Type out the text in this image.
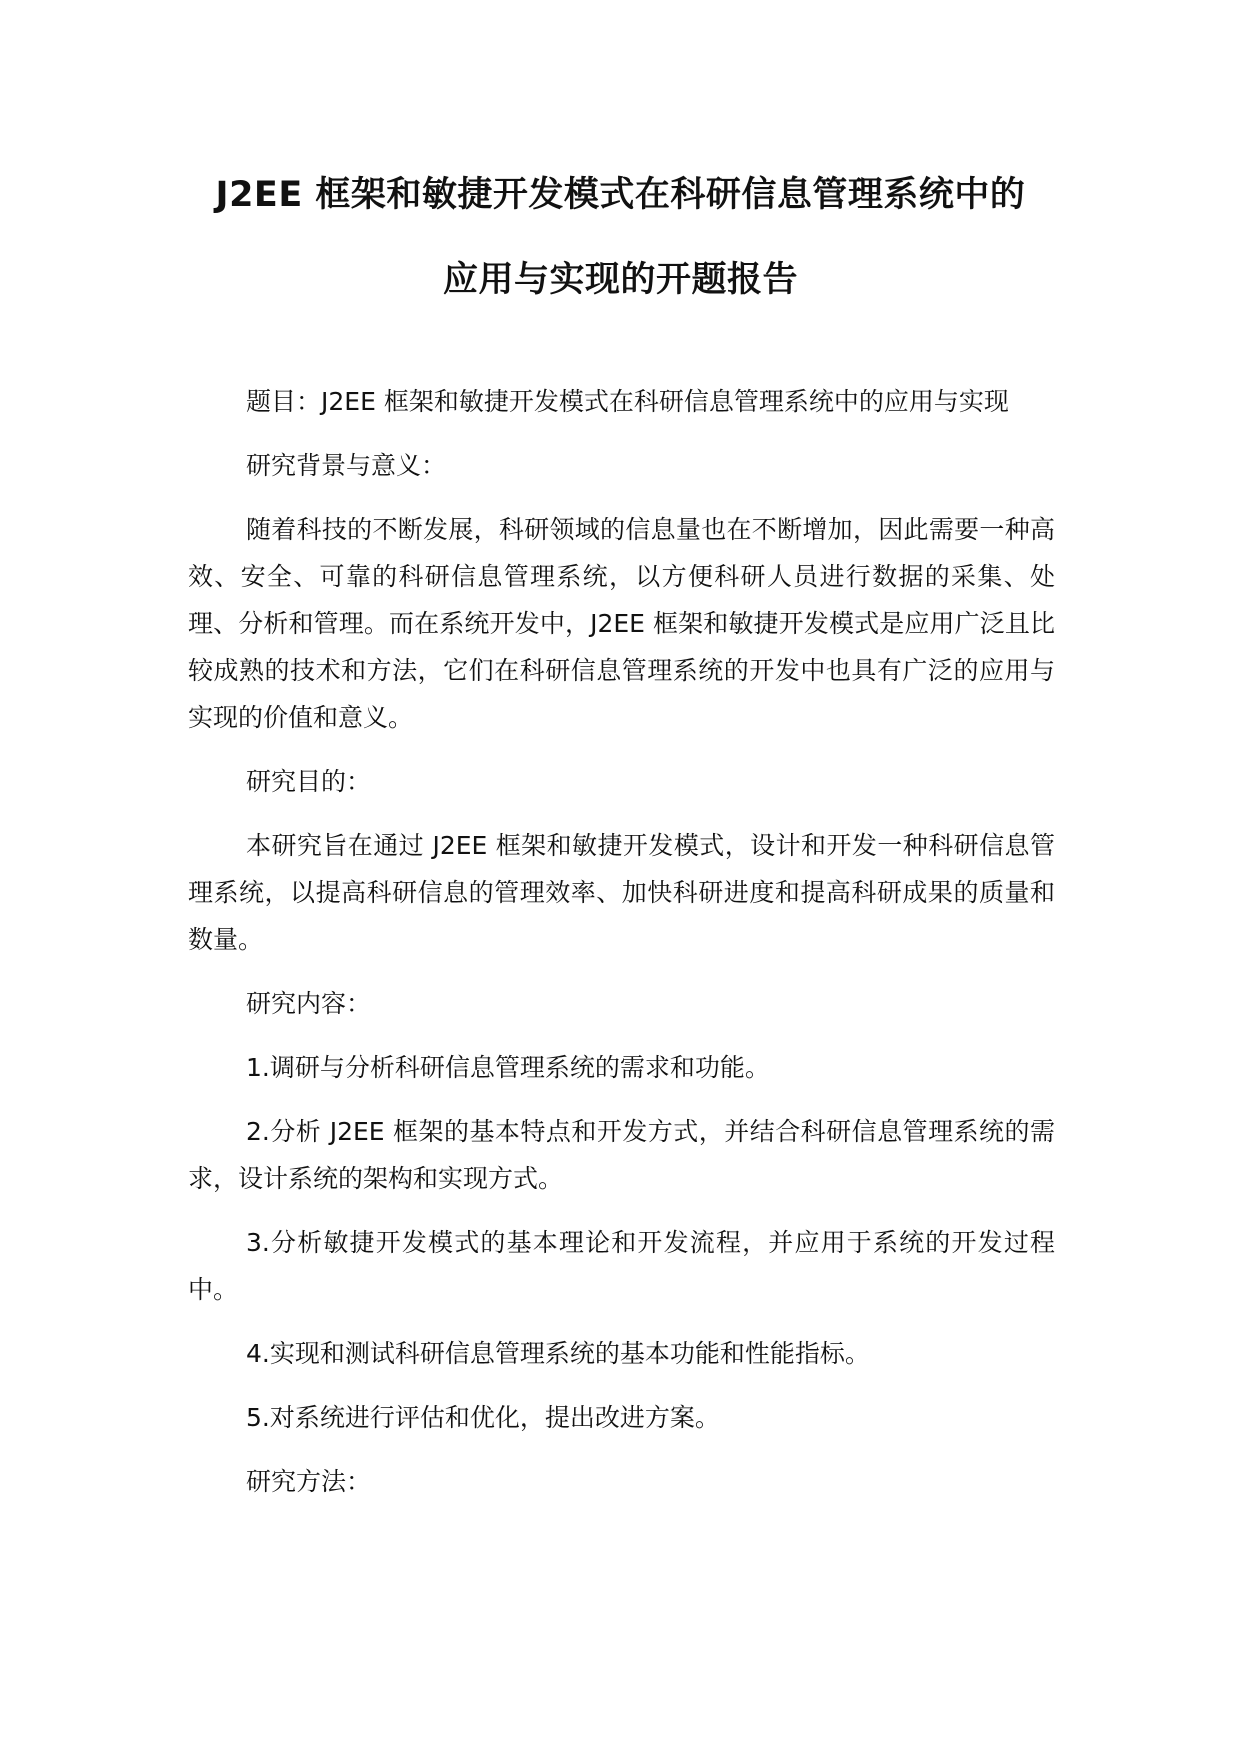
J2EE 框架和敏捷开发模式在科研信息管理系统中的

应用与实现的开题报告

题目：J2EE 框架和敏捷开发模式在科研信息管理系统中的应用与实现

研究背景与意义：

随着科技的不断发展，科研领域的信息量也在不断增加，因此需要一种高效、安全、可靠的科研信息管理系统，以方便科研人员进行数据的采集、处理、分析和管理。而在系统开发中，J2EE 框架和敏捷开发模式是应用广泛且比较成熟的技术和方法，它们在科研信息管理系统的开发中也具有广泛的应用与实现的价值和意义。

研究目的：

本研究旨在通过 J2EE 框架和敏捷开发模式，设计和开发一种科研信息管理系统，以提高科研信息的管理效率、加快科研进度和提高科研成果的质量和数量。

研究内容：

1.调研与分析科研信息管理系统的需求和功能。

2.分析 J2EE 框架的基本特点和开发方式，并结合科研信息管理系统的需求，设计系统的架构和实现方式。

3.分析敏捷开发模式的基本理论和开发流程，并应用于系统的开发过程中。

4.实现和测试科研信息管理系统的基本功能和性能指标。

5.对系统进行评估和优化，提出改进方案。

研究方法：
